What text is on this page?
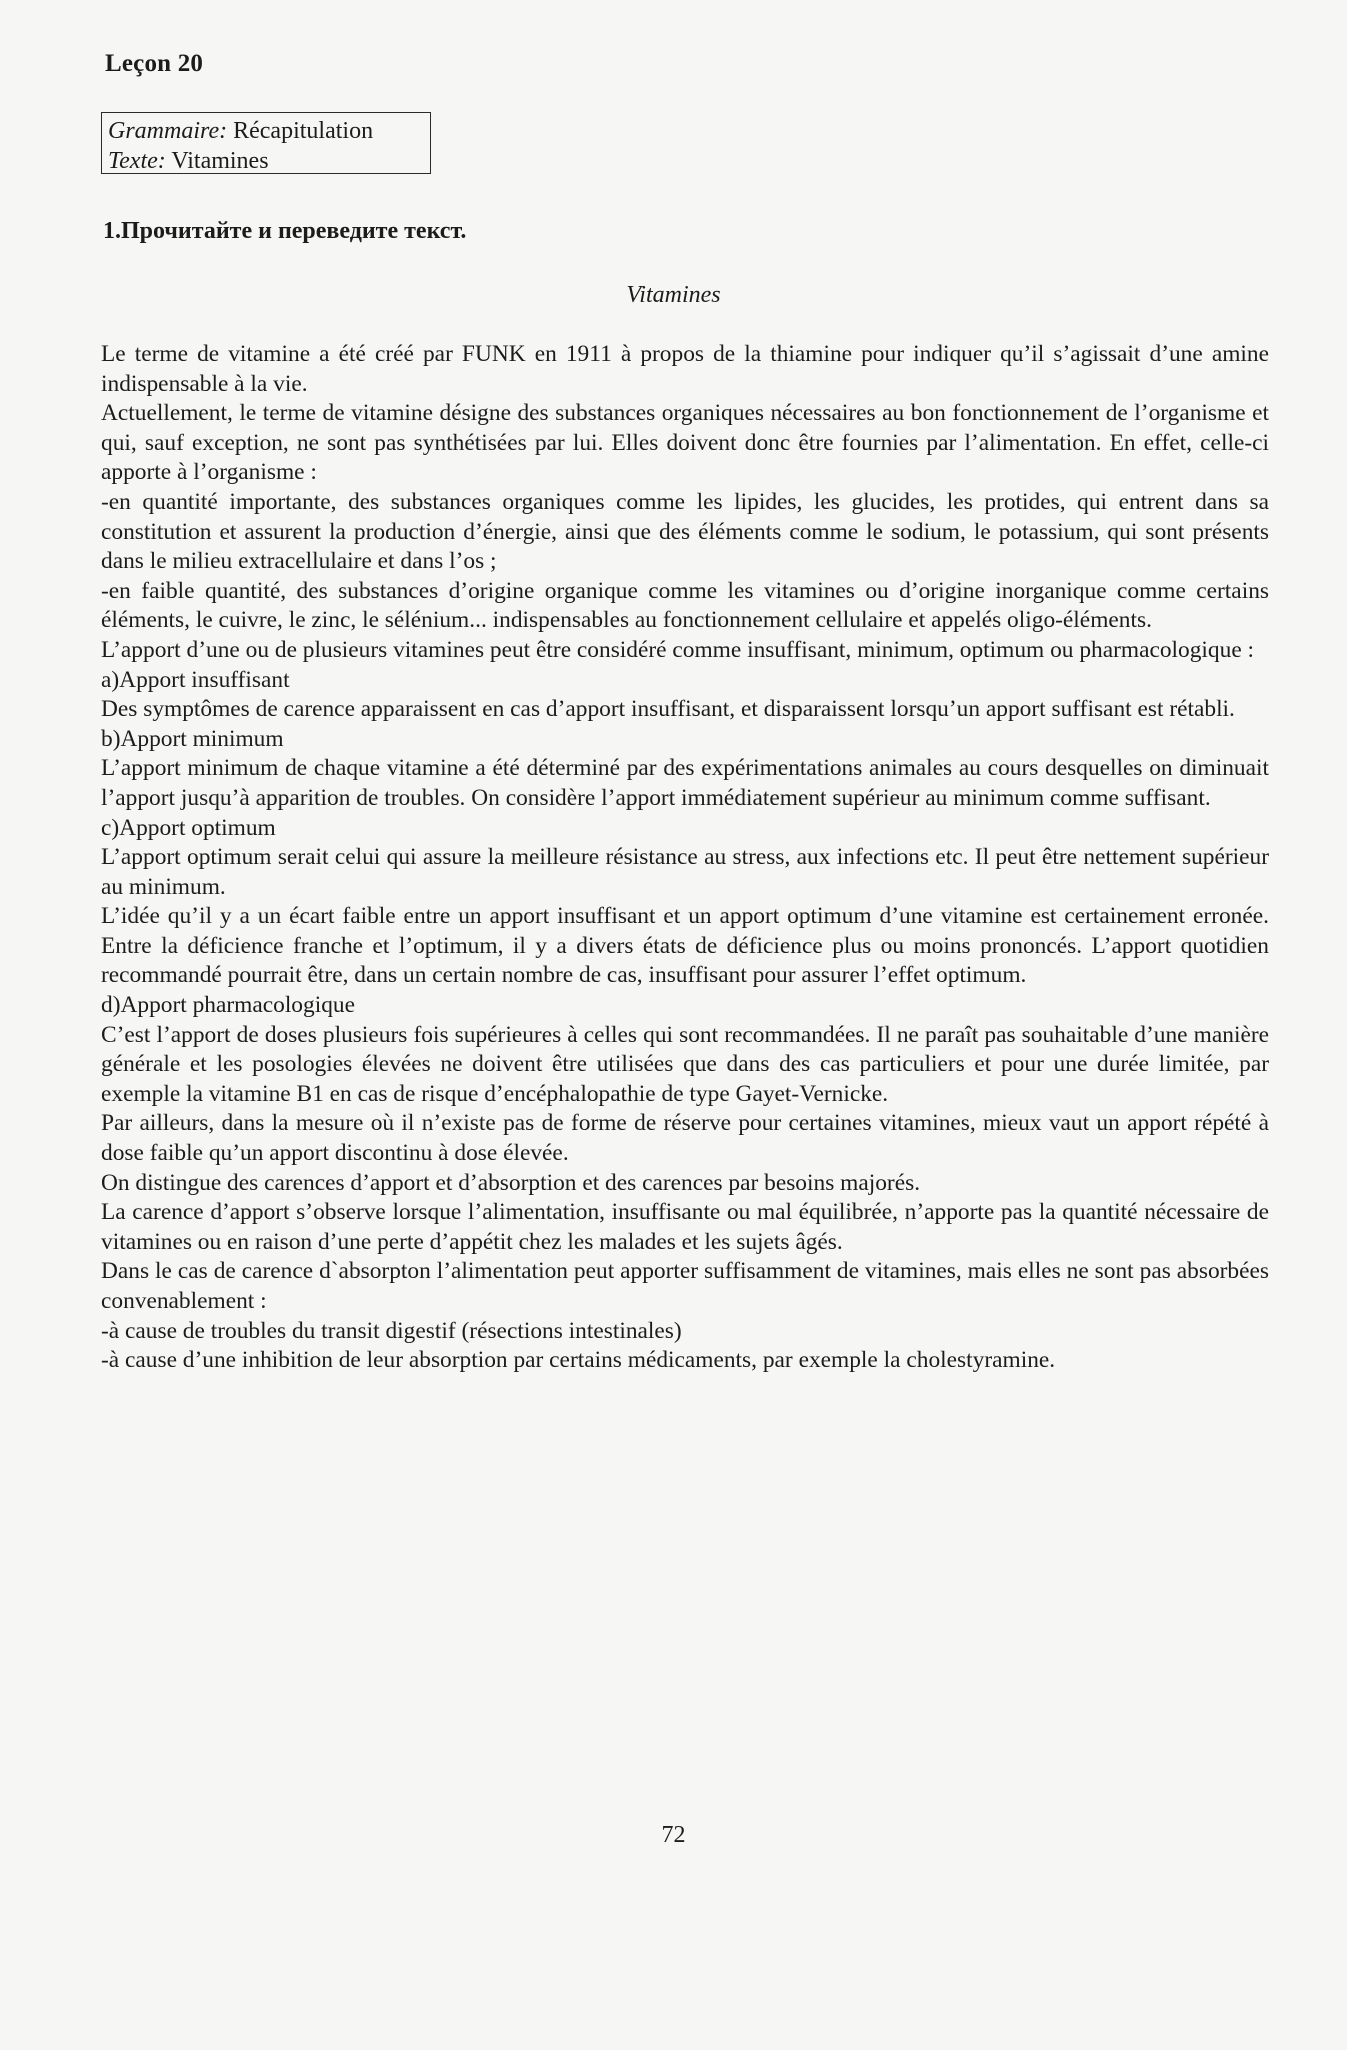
Leçon 20
Grammaire: Récapitulation
Texte: Vitamines
1.Прочитайте и переведите текст.
Vitamines

Le terme de vitamine a été créé par FUNK en 1911 à propos de la thiamine pour indiquer qu’il s’agissait d’une amine indispensable à la vie.

Actuellement, le terme de vitamine désigne des substances organiques nécessaires au bon fonctionnement de l’organisme et qui, sauf exception, ne sont pas synthétisées par lui. Elles doivent donc être fournies par l’alimentation. En effet, celle-ci apporte à l’organisme :

-en quantité importante, des substances organiques comme les lipides, les glucides, les protides, qui entrent dans sa constitution et assurent la production d’énergie, ainsi que des éléments comme le sodium, le potassium, qui sont présents dans le milieu extracellulaire et dans l’os ;

-en faible quantité, des substances d’origine organique comme les vitamines ou d’origine inorganique comme certains éléments, le cuivre, le zinc, le sélénium... indispensables au fonctionnement cellulaire et appelés oligo-éléments.

L’apport d’une ou de plusieurs vitamines peut être considéré comme insuffisant, minimum, optimum ou pharmacologique :

a)Apport insuffisant

Des symptômes de carence apparaissent en cas d’apport insuffisant, et disparaissent lorsqu’un apport suffisant est rétabli.

b)Apport minimum

L’apport minimum de chaque vitamine a été déterminé par des expérimentations animales au cours desquelles on diminuait l’apport jusqu’à apparition de troubles. On considère l’apport immédiatement supérieur au minimum comme suffisant.

c)Apport optimum

L’apport optimum serait celui qui assure la meilleure résistance au stress, aux infections etc. Il peut être nettement supérieur au minimum.

L’idée qu’il y a un écart faible entre un apport insuffisant et un apport optimum d’une vitamine est certainement erronée. Entre la déficience franche et l’optimum, il y a divers états de déficience plus ou moins prononcés. L’apport quotidien recommandé pourrait être, dans un certain nombre de cas, insuffisant pour assurer l’effet optimum.

d)Apport pharmacologique

C’est l’apport de doses plusieurs fois supérieures à celles qui sont recommandées. Il ne paraît pas souhaitable d’une manière générale et les posologies élevées ne doivent être utilisées que dans des cas particuliers et pour une durée limitée, par exemple la vitamine B1 en cas de risque d’encéphalopathie de type Gayet-Vernicke.

Par ailleurs, dans la mesure où il n’existe pas de forme de réserve pour certaines vitamines, mieux vaut un apport répété à dose faible qu’un apport discontinu à dose élevée.

On distingue des carences d’apport et d’absorption et des carences par besoins majorés.

La carence d’apport s’observe lorsque l’alimentation, insuffisante ou mal équilibrée, n’apporte pas la quantité nécessaire de vitamines ou en raison d’une perte d’appétit chez les malades et les sujets âgés.

Dans le cas de carence d`absorpton l’alimentation peut apporter suffisamment de vitamines, mais elles ne sont pas absorbées convenablement :

-à cause de troubles du transit digestif (résections intestinales)

-à cause d’une inhibition de leur absorption par certains médicaments, par exemple la cholestyramine.

72
